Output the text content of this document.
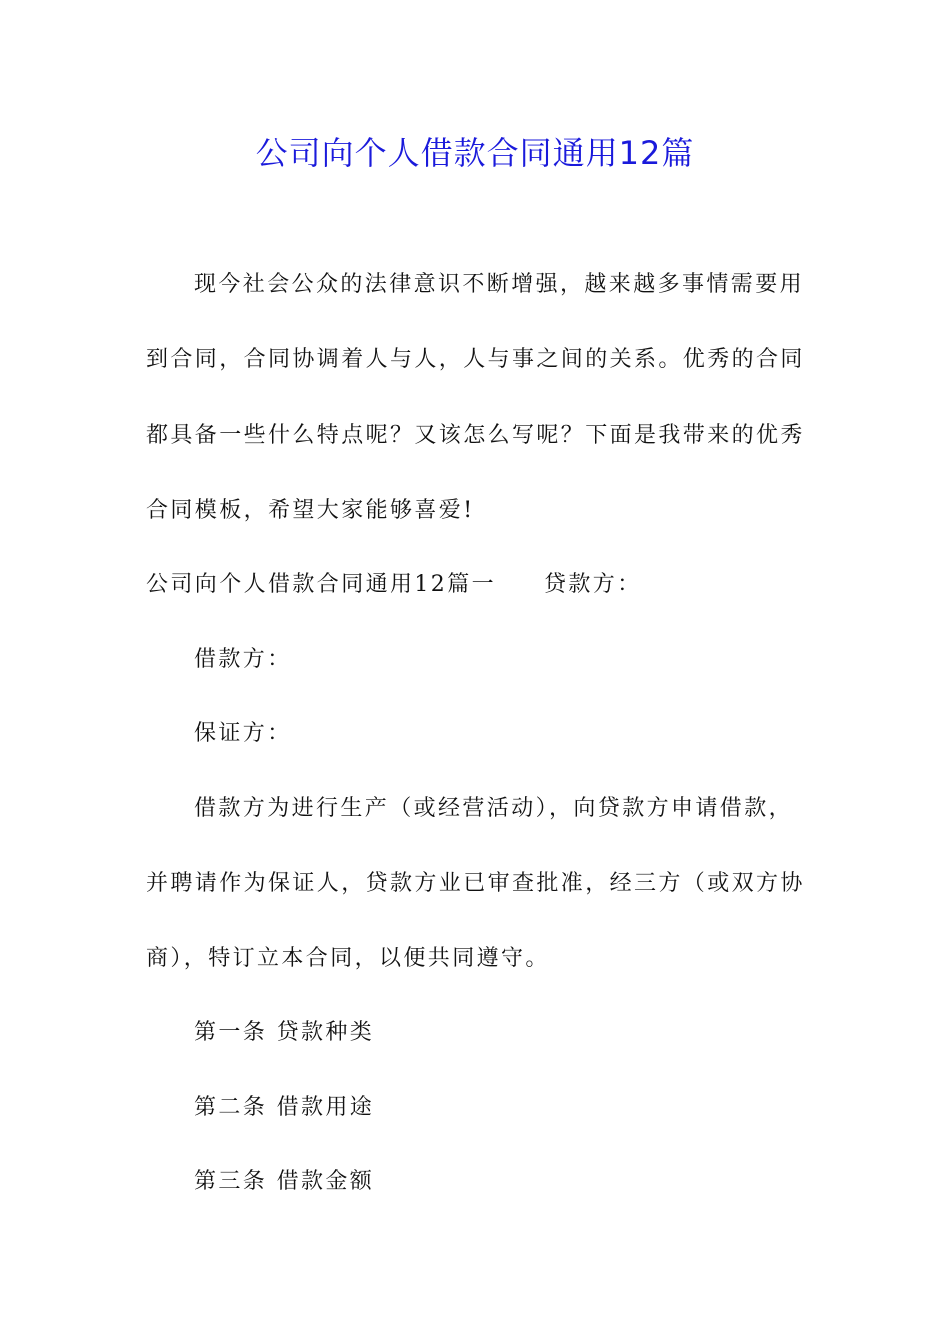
公司向个人借款合同通用12篇
现今社会公众的法律意识不断增强，越来越多事情需要用
到合同，合同协调着人与人，人与事之间的关系。优秀的合同
都具备一些什么特点呢？又该怎么写呢？下面是我带来的优秀
合同模板，希望大家能够喜爱!
公司向个人借款合同通用12篇一 贷款方：
借款方：
保证方：
借款方为进行生产（或经营活动），向贷款方申请借款，
并聘请作为保证人，贷款方业已审查批准，经三方（或双方协
商），特订立本合同，以便共同遵守。
第一条 贷款种类
第二条 借款用途
第三条 借款金额
